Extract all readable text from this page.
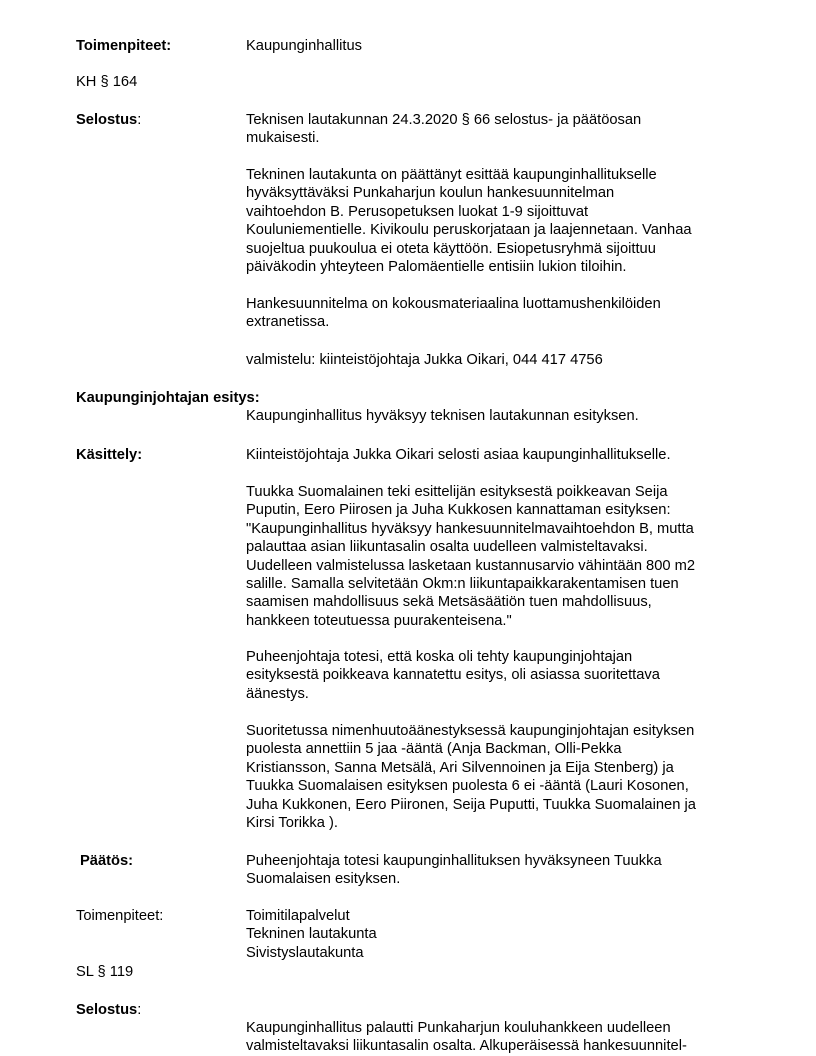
Toimenpiteet:	Kaupunginhallitus
KH § 164
Selostus:	Teknisen lautakunnan 24.3.2020 § 66 selostus- ja päätöosan
mukaisesti.
Tekninen lautakunta on päättänyt esittää kaupunginhallitukselle
hyväksyttäväksi Punkaharjun koulun hankesuunnitelman
vaihtoehdon B. Perusopetuksen luokat 1-9 sijoittuvat
Kouluniementielle. Kivikoulu peruskorjataan ja laajennetaan. Vanhaa
suojeltua puukoulua ei oteta käyttöön. Esiopetusryhmä sijoittuu
päiväkodin yhteyteen Palomäentielle entisiin lukion tiloihin.
Hankesuunnitelma on kokousmateriaalina luottamushenkilöiden
extranetissa.
valmistelu: kiinteistöjohtaja Jukka Oikari, 044 417 4756
Kaupunginjohtajan esitys:
Kaupunginhallitus hyväksyy teknisen lautakunnan esityksen.
Käsittely:	Kiinteistöjohtaja Jukka Oikari selosti asiaa kaupunginhallitukselle.
Tuukka Suomalainen teki esittelijän esityksestä poikkeavan Seija
Puputin, Eero Piirosen ja Juha Kukkosen kannattaman esityksen:
"Kaupunginhallitus hyväksyy hankesuunnitelmavaihtoehdon B, mutta
palauttaa asian liikuntasalin osalta uudelleen valmisteltavaksi.
Uudelleen valmistelussa lasketaan kustannusarvio vähintään 800 m2
salille. Samalla selvitetään Okm:n liikuntapaikkarakentamisen tuen
saamisen mahdollisuus sekä Metsäsäätiön tuen mahdollisuus,
hankkeen toteutuessa puurakenteisena."
Puheenjohtaja totesi, että koska oli tehty kaupunginjohtajan
esityksestä poikkeava kannatettu esitys, oli asiassa suoritettava
äänestys.
Suoritetussa nimenhuutoäänestyksessä kaupunginjohtajan esityksen
puolesta annettiin 5 jaa -ääntä (Anja Backman, Olli-Pekka
Kristiansson, Sanna Metsälä, Ari Silvennoinen ja Eija Stenberg) ja
Tuukka Suomalaisen esityksen puolesta 6 ei -ääntä (Lauri Kosonen,
Juha Kukkonen, Eero Piironen, Seija Puputti, Tuukka Suomalainen ja
Kirsi Torikka ).
Päätös:	Puheenjohtaja totesi kaupunginhallituksen hyväksyneen Tuukka
Suomalaisen esityksen.
Toimenpiteet:	Toimitilapalvelut
Tekninen lautakunta
Sivistyslautakunta
SL § 119
Selostus:
Kaupunginhallitus palautti Punkaharjun kouluhankkeen uudelleen
valmisteltavaksi liikuntasalin osalta. Alkuperäisessä hankesuunnitel-
